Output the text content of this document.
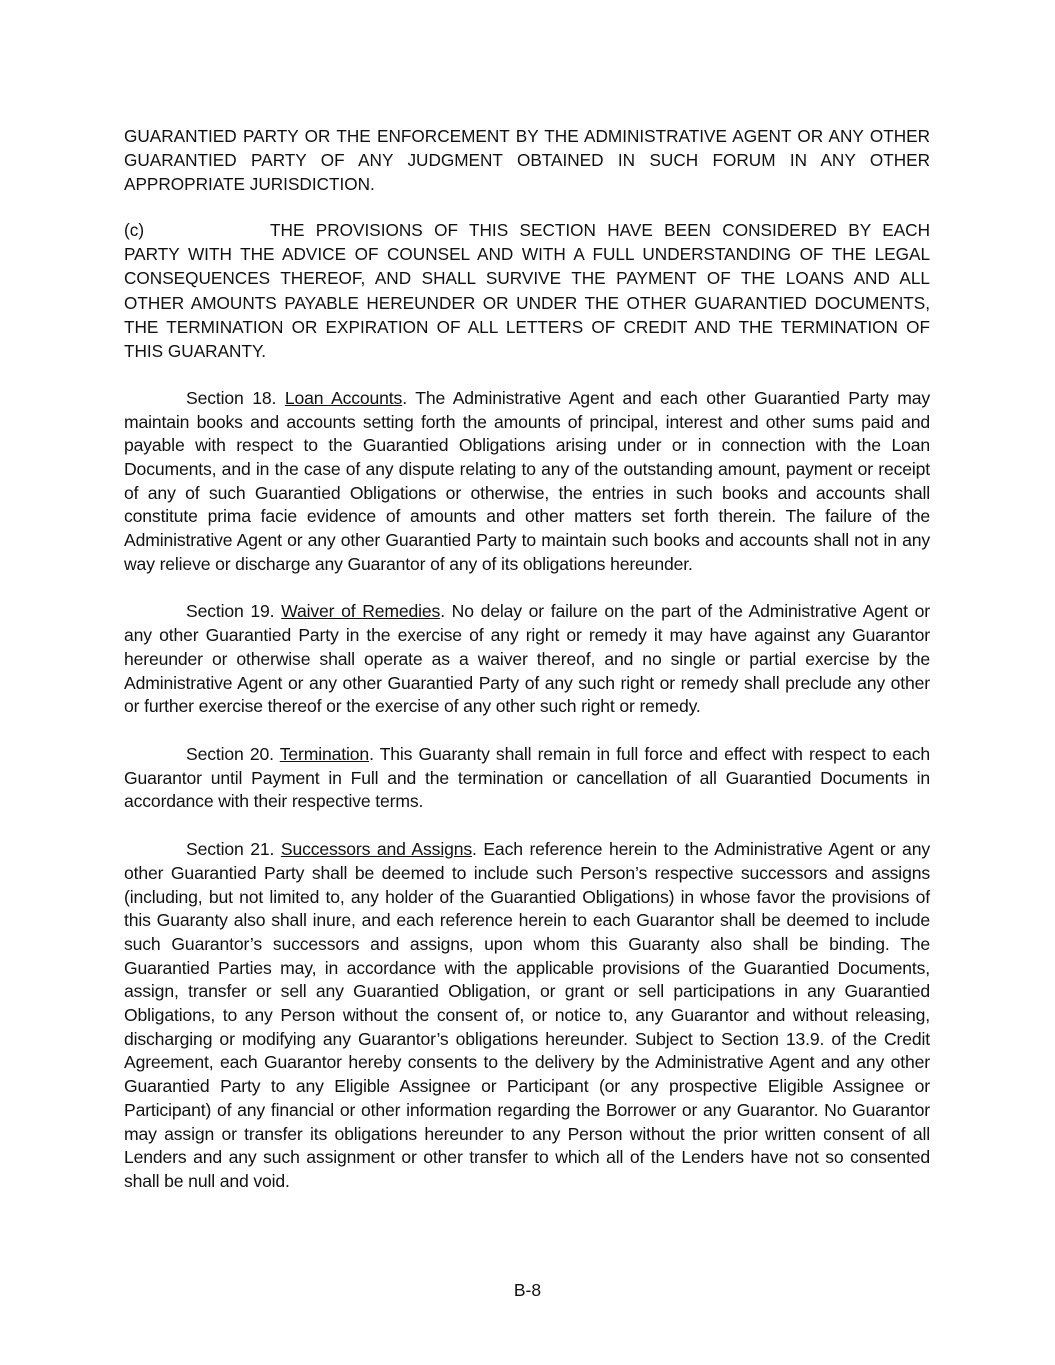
GUARANTIED PARTY OR THE ENFORCEMENT BY THE ADMINISTRATIVE AGENT OR ANY OTHER GUARANTIED PARTY OF ANY JUDGMENT OBTAINED IN SUCH FORUM IN ANY OTHER APPROPRIATE JURISDICTION.

(c)	THE PROVISIONS OF THIS SECTION HAVE BEEN CONSIDERED BY EACH PARTY WITH THE ADVICE OF COUNSEL AND WITH A FULL UNDERSTANDING OF THE LEGAL CONSEQUENCES THEREOF, AND SHALL SURVIVE THE PAYMENT OF THE LOANS AND ALL OTHER AMOUNTS PAYABLE HEREUNDER OR UNDER THE OTHER GUARANTIED DOCUMENTS, THE TERMINATION OR EXPIRATION OF ALL LETTERS OF CREDIT AND THE TERMINATION OF THIS GUARANTY.

Section 18. Loan Accounts. The Administrative Agent and each other Guarantied Party may maintain books and accounts setting forth the amounts of principal, interest and other sums paid and payable with respect to the Guarantied Obligations arising under or in connection with the Loan Documents, and in the case of any dispute relating to any of the outstanding amount, payment or receipt of any of such Guarantied Obligations or otherwise, the entries in such books and accounts shall constitute prima facie evidence of amounts and other matters set forth therein. The failure of the Administrative Agent or any other Guarantied Party to maintain such books and accounts shall not in any way relieve or discharge any Guarantor of any of its obligations hereunder.

Section 19. Waiver of Remedies. No delay or failure on the part of the Administrative Agent or any other Guarantied Party in the exercise of any right or remedy it may have against any Guarantor hereunder or otherwise shall operate as a waiver thereof, and no single or partial exercise by the Administrative Agent or any other Guarantied Party of any such right or remedy shall preclude any other or further exercise thereof or the exercise of any other such right or remedy.

Section 20. Termination. This Guaranty shall remain in full force and effect with respect to each Guarantor until Payment in Full and the termination or cancellation of all Guarantied Documents in accordance with their respective terms.

Section 21. Successors and Assigns. Each reference herein to the Administrative Agent or any other Guarantied Party shall be deemed to include such Person’s respective successors and assigns (including, but not limited to, any holder of the Guarantied Obligations) in whose favor the provisions of this Guaranty also shall inure, and each reference herein to each Guarantor shall be deemed to include such Guarantor’s successors and assigns, upon whom this Guaranty also shall be binding. The Guarantied Parties may, in accordance with the applicable provisions of the Guarantied Documents, assign, transfer or sell any Guarantied Obligation, or grant or sell participations in any Guarantied Obligations, to any Person without the consent of, or notice to, any Guarantor and without releasing, discharging or modifying any Guarantor’s obligations hereunder. Subject to Section 13.9. of the Credit Agreement, each Guarantor hereby consents to the delivery by the Administrative Agent and any other Guarantied Party to any Eligible Assignee or Participant (or any prospective Eligible Assignee or Participant) of any financial or other information regarding the Borrower or any Guarantor. No Guarantor may assign or transfer its obligations hereunder to any Person without the prior written consent of all Lenders and any such assignment or other transfer to which all of the Lenders have not so consented shall be null and void.

B-8
